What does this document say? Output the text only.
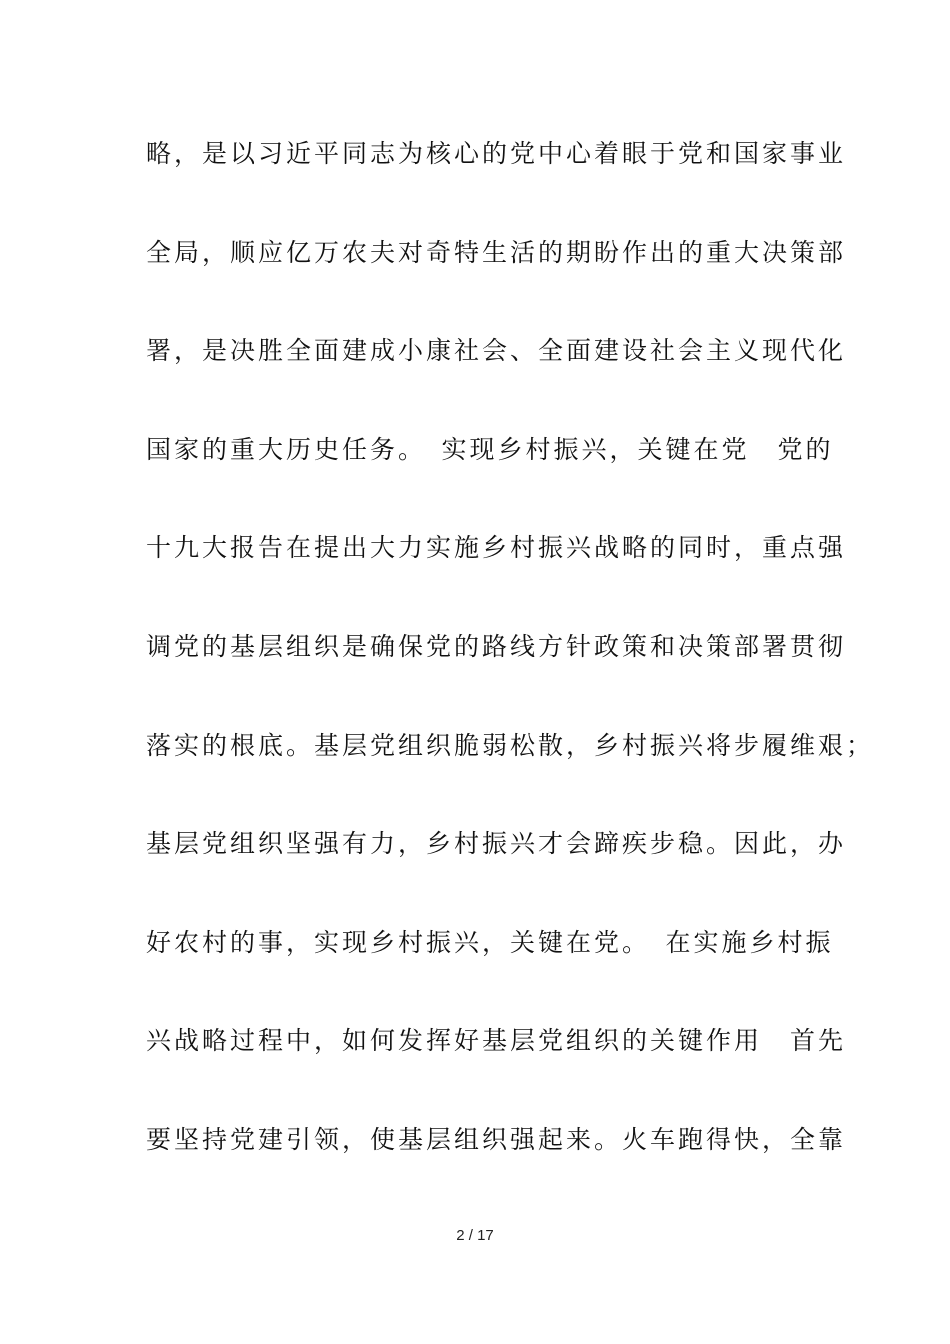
略，是以习近平同志为核心的党中心着眼于党和国家事业
全局，顺应亿万农夫对奇特生活的期盼作出的重大决策部
署，是决胜全面建成小康社会、全面建设社会主义现代化
国家的重大历史任务。　实现乡村振兴，关键在党　党的
十九大报告在提出大力实施乡村振兴战略的同时，重点强
调党的基层组织是确保党的路线方针政策和决策部署贯彻
落实的根底。基层党组织脆弱松散，乡村振兴将步履维艰；
基层党组织坚强有力，乡村振兴才会蹄疾步稳。因此，办
好农村的事，实现乡村振兴，关键在党。　在实施乡村振
兴战略过程中，如何发挥好基层党组织的关键作用　首先
要坚持党建引领，使基层组织强起来。火车跑得快，全靠
2 / 17
